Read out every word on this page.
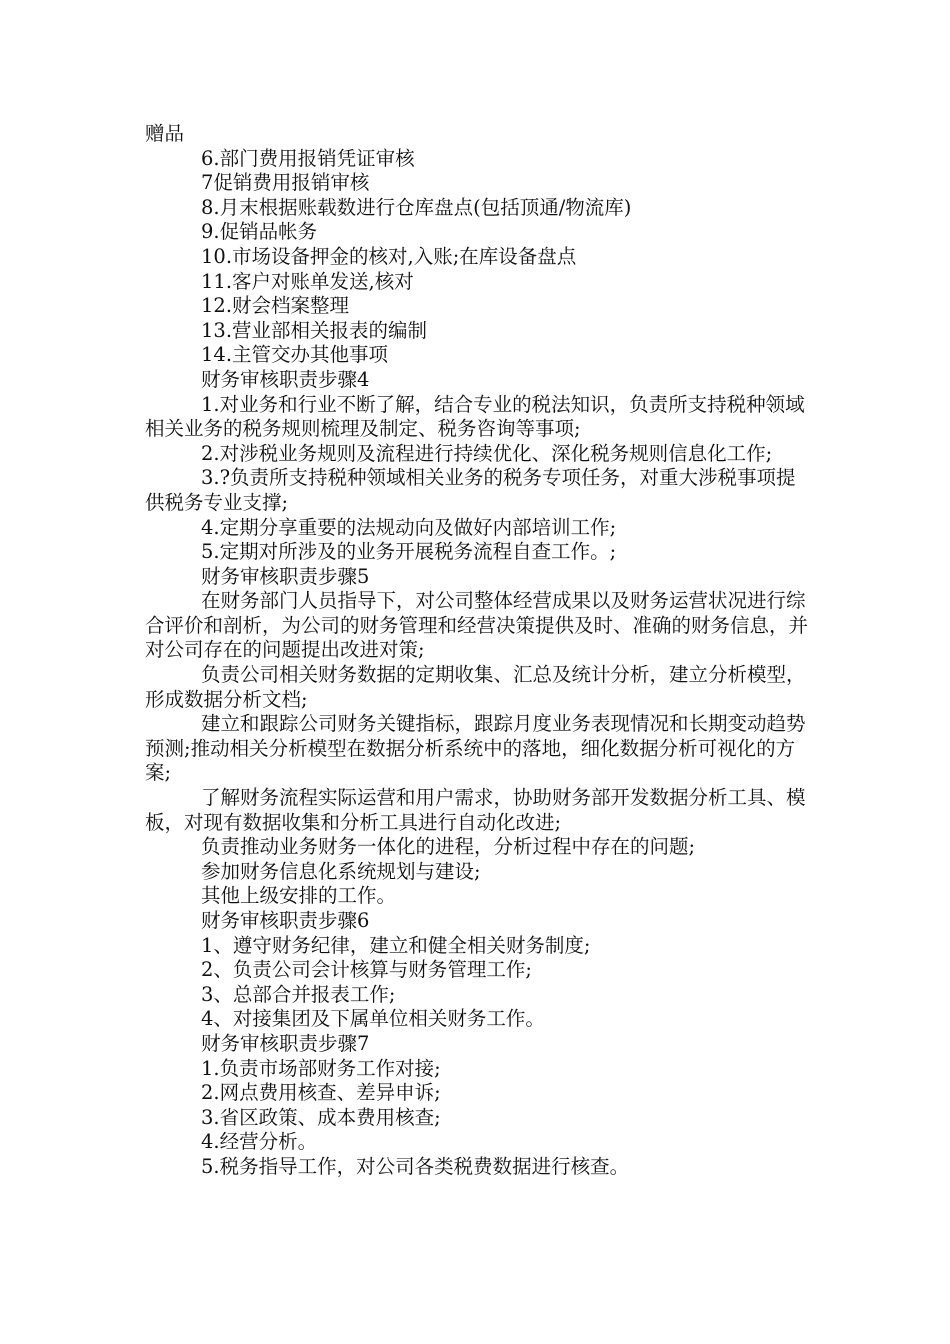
赠品

6.部门费用报销凭证审核

7促销费用报销审核

8.月末根据账载数进行仓库盘点(包括顶通/物流库)

9.促销品帐务

10.市场设备押金的核对,入账;在库设备盘点

11.客户对账单发送,核对

12.财会档案整理

13.营业部相关报表的编制

14.主管交办其他事项

财务审核职责步骤4

1.对业务和行业不断了解，结合专业的税法知识，负责所支持税种领域相关业务的税务规则梳理及制定、税务咨询等事项;

2.对涉税业务规则及流程进行持续优化、深化税务规则信息化工作;

3.?负责所支持税种领域相关业务的税务专项任务，对重大涉税事项提供税务专业支撑;

4.定期分享重要的法规动向及做好内部培训工作;

5.定期对所涉及的业务开展税务流程自查工作。;

财务审核职责步骤5

在财务部门人员指导下，对公司整体经营成果以及财务运营状况进行综合评价和剖析，为公司的财务管理和经营决策提供及时、准确的财务信息，并对公司存在的问题提出改进对策;

负责公司相关财务数据的定期收集、汇总及统计分析，建立分析模型，形成数据分析文档;

建立和跟踪公司财务关键指标，跟踪月度业务表现情况和长期变动趋势预测;推动相关分析模型在数据分析系统中的落地，细化数据分析可视化的方案;

了解财务流程实际运营和用户需求，协助财务部开发数据分析工具、模板，对现有数据收集和分析工具进行自动化改进;

负责推动业务财务一体化的进程，分析过程中存在的问题;

参加财务信息化系统规划与建设;

其他上级安排的工作。

财务审核职责步骤6

1、遵守财务纪律，建立和健全相关财务制度;

2、负责公司会计核算与财务管理工作;

3、总部合并报表工作;

4、对接集团及下属单位相关财务工作。

财务审核职责步骤7

1.负责市场部财务工作对接;

2.网点费用核查、差异申诉;

3.省区政策、成本费用核查;

4.经营分析。

5.税务指导工作，对公司各类税费数据进行核查。
